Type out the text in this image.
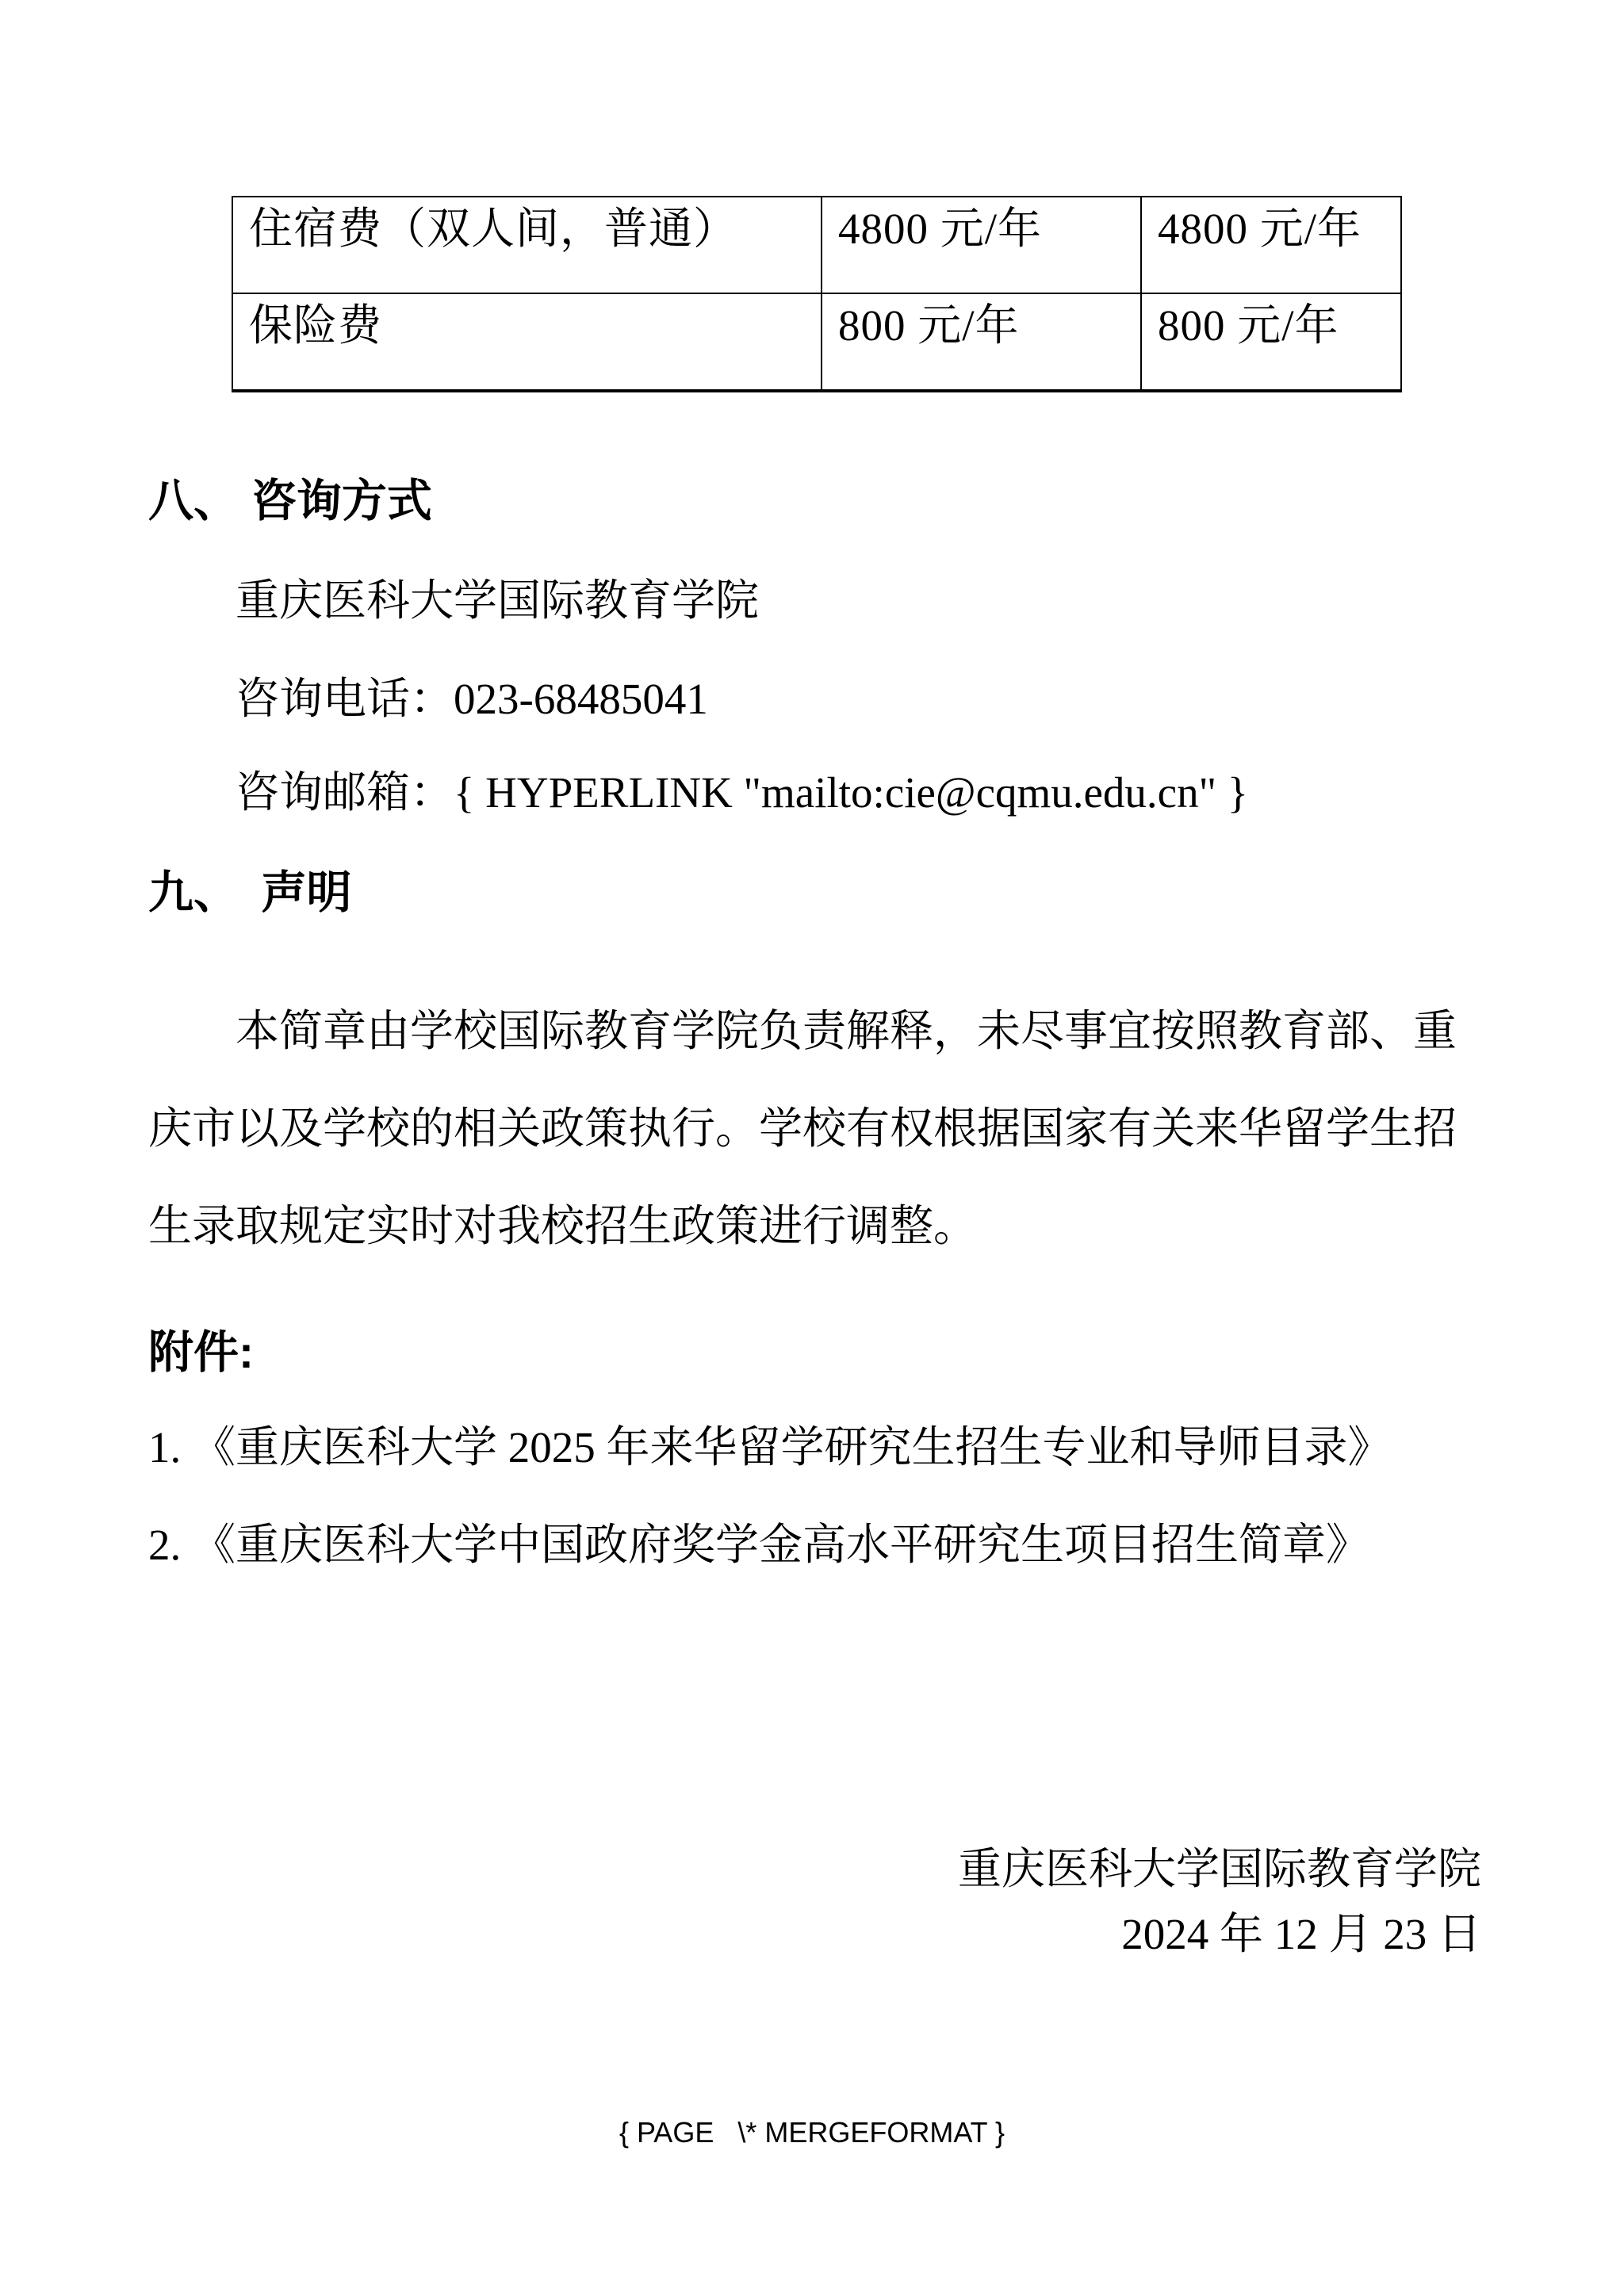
住宿费（双人间，普通）	4800 元/年	4800 元/年
保险费	800 元/年	800 元/年
八、 咨询方式
重庆医科大学国际教育学院
咨询电话：023-68485041
咨询邮箱：{ HYPERLINK "mailto:cie@cqmu.edu.cn" }
九、　声明

本简章由学校国际教育学院负责解释，未尽事宜按照教育部、重庆市以及学校的相关政策执行。学校有权根据国家有关来华留学生招生录取规定实时对我校招生政策进行调整。

附件:
1. 《重庆医科大学 2025 年来华留学研究生招生专业和导师目录》
2. 《重庆医科大学中国政府奖学金高水平研究生项目招生简章》
重庆医科大学国际教育学院
2024 年 12 月 23 日
{ PAGE   \* MERGEFORMAT }
